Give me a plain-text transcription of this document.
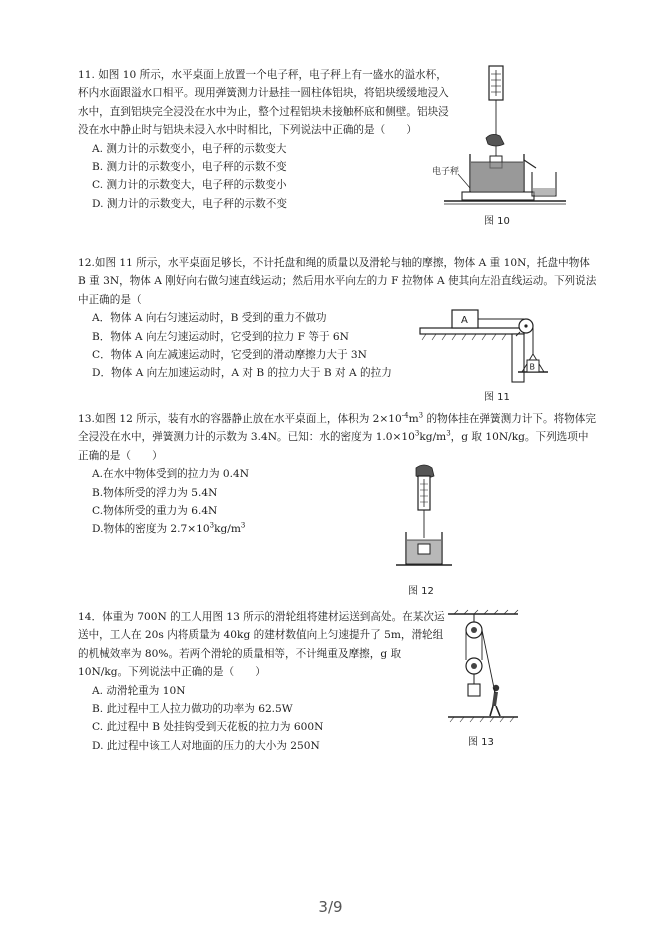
11. 如图 10 所示，水平桌面上放置一个电子秤，电子秤上有一盛水的溢水杯，杯内水面跟溢水口相平。现用弹簧测力计悬挂一圆柱体铝块，将铝块缓缓地浸入水中，直到铝块完全浸没在水中为止，整个过程铝块未接触杯底和侧壁。铝块浸没在水中静止时与铝块未浸入水中时相比，下列说法中正确的是（　　）

A. 测力计的示数变小，电子秤的示数变大

B. 测力计的示数变小，电子秤的示数不变

C. 测力计的示数变大，电子秤的示数变小

D. 测力计的示数变大，电子秤的示数不变

电子秤
图 10

12.如图 11 所示，水平桌面足够长，不计托盘和绳的质量以及滑轮与轴的摩擦，物体 A 重 10N，托盘中物体 B 重 3N，物体 A 刚好向右做匀速直线运动；然后用水平向左的力 F 拉物体 A 使其向左沿直线运动。下列说法中正确的是（

A．物体 A 向右匀速运动时，B 受到的重力不做功

B．物体 A 向左匀速运动时，它受到的拉力 F 等于 6N

C．物体 A 向左减速运动时，它受到的滑动摩擦力大于 3N

D．物体 A 向左加速运动时，A 对 B 的拉力大于 B 对 A 的拉力

A
B
图 11

13.如图 12 所示，装有水的容器静止放在水平桌面上，体积为 $2\times 10^{-4}m^3$ 的物体挂在弹簧测力计下。将物体完全浸没在水中，弹簧测力计的示数为 3.4N。已知：水的密度为 $1.0\times 10^3kg/m^3$，g 取 10N/kg。下列选项中正确的是（　　）

A.在水中物体受到的拉力为 0.4N

B.物体所受的浮力为 5.4N

C.物体所受的重力为 6.4N

D.物体的密度为 $2.7\times 10^3kg/m^3$

图 12

14．体重为 700N 的工人用图 13 所示的滑轮组将建材运送到高处。在某次运送中，工人在 20s 内将质量为 40kg 的建材数值向上匀速提升了 5m，滑轮组的机械效率为 80%。若两个滑轮的质量相等，不计绳重及摩擦，g 取 10N/kg。下列说法中正确的是（　　）

A. 动滑轮重为 10N

B. 此过程中工人拉力做功的功率为 62.5W

C. 此过程中 B 处挂钩受到天花板的拉力为 600N

D. 此过程中该工人对地面的压力的大小为 250N	图 13
3/9
